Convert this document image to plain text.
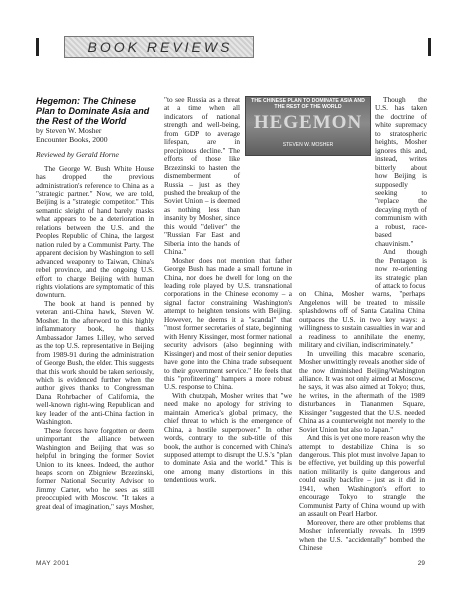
BOOK REVIEWS
THE CHINESE PLAN TO DOMINATE ASIA AND THE REST OF THE WORLD
HEGEMON
STEVEN W. MOSHER
Hegemon: The Chinese Plan to Dominate Asia and the Rest of the World
by Steven W. Mosher
Encounter Books, 2000
Reviewed by Gerald Horne

The George W. Bush White House has dropped the previous administration's reference to China as a "strategic partner." Now, we are told, Beijing is a "strategic competitor." This semantic sleight of hand barely masks what appears to be a deterioration in relations between the U.S. and the Peoples Republic of China, the largest nation ruled by a Communist Party. The apparent decision by Washington to sell advanced weaponry to Taiwan, China's rebel province, and the ongoing U.S. effort to charge Beijing with human rights violations are symptomatic of this downturn.

The book at hand is penned by veteran anti-China hawk, Steven W. Mosher. In the afterword to this highly inflammatory book, he thanks Ambassador James Lilley, who served as the top U.S. representative in Beijing from 1989-91 during the administration of George Bush, the elder. This suggests that this work should be taken seriously, which is evidenced further when the author gives thanks to Congressman Dana Rohrbacher of California, the well-known right-wing Republican and key leader of the anti-China faction in Washington.

These forces have forgotten or deem unimportant the alliance between Washington and Beijing that was so helpful in bringing the former Soviet Union to its knees. Indeed, the author heaps scorn on Zbigniew Brzezinski, former National Security Advisor to Jimmy Carter, who he sees as still preoccupied with Moscow. "It takes a great deal of imagination," says Mosher,

"to see Russia as a threat at a time when all indicators of national strength and well-being, from GDP to average lifespan, are in precipitous decline." The efforts of those like Brzezinski to hasten the dismemberment of Russia – just as they pushed the breakup of the Soviet Union – is deemed as nothing less than insanity by Mosher, since this would "deliver" the "Russian Far East and Siberia into the hands of China."

Mosher does not mention that father George Bush has made a small fortune in China, nor does he dwell for long on the leading role played by U.S. transnational corporations in the Chinese economy – a signal factor constraining Washington's attempt to heighten tensions with Beijing. However, he deems it a "scandal" that "most former secretaries of state, beginning with Henry Kissinger, most former national security advisors (also beginning with Kissinger) and most of their senior deputies have gone into the China trade subsequent to their government service." He feels that this "profiteering" hampers a more robust U.S. response to China.

With chutzpah, Mosher writes that "we need make no apology for striving to maintain America's global primacy, the chief threat to which is the emergence of China, a hostile superpower." In other words, contrary to the sub-title of this book, the author is concerned with China's supposed attempt to disrupt the U.S.'s "plan to dominate Asia and the world." This is one among many distortions in this tendentious work.

Though the U.S. has taken the doctrine of white supremacy to stratospheric heights, Mosher ignores this and, instead, writes bitterly about how Beijing is supposedly seeking to "replace the decaying myth of communism with a robust, race-based chauvinism."

And though the Pentagon is now re-orienting its strategic plan of attack to focus

on China, Mosher warns, "perhaps Angelenos will be treated to missile splashdowns off of Santa Catalina China outpaces the U.S. in two key ways: a willingness to sustain casualties in war and a readiness to annihilate the enemy, military and civilian, indiscriminately."

In unveiling this macabre scenario, Mosher unwittingly reveals another side of the now diminished Beijing/Washington alliance. It was not only aimed at Moscow, he says, it was also aimed at Tokyo; thus, he writes, in the aftermath of the 1989 disturbances in Tiananmen Square, Kissinger "suggested that the U.S. needed China as a counterweight not merely to the Soviet Union but also to Japan."

And this is yet one more reason why the attempt to destabilize China is so dangerous. This plot must involve Japan to be effective, yet building up this powerful nation militarily is quite dangerous and could easily backfire – just as it did in 1941, when Washington's effort to encourage Tokyo to strangle the Communist Party of China wound up with an assault on Pearl Harbor.

Moreover, there are other problems that Mosher inferentially reveals. In 1999 when the U.S. "accidentally" bombed the Chinese

MAY 2001	29
